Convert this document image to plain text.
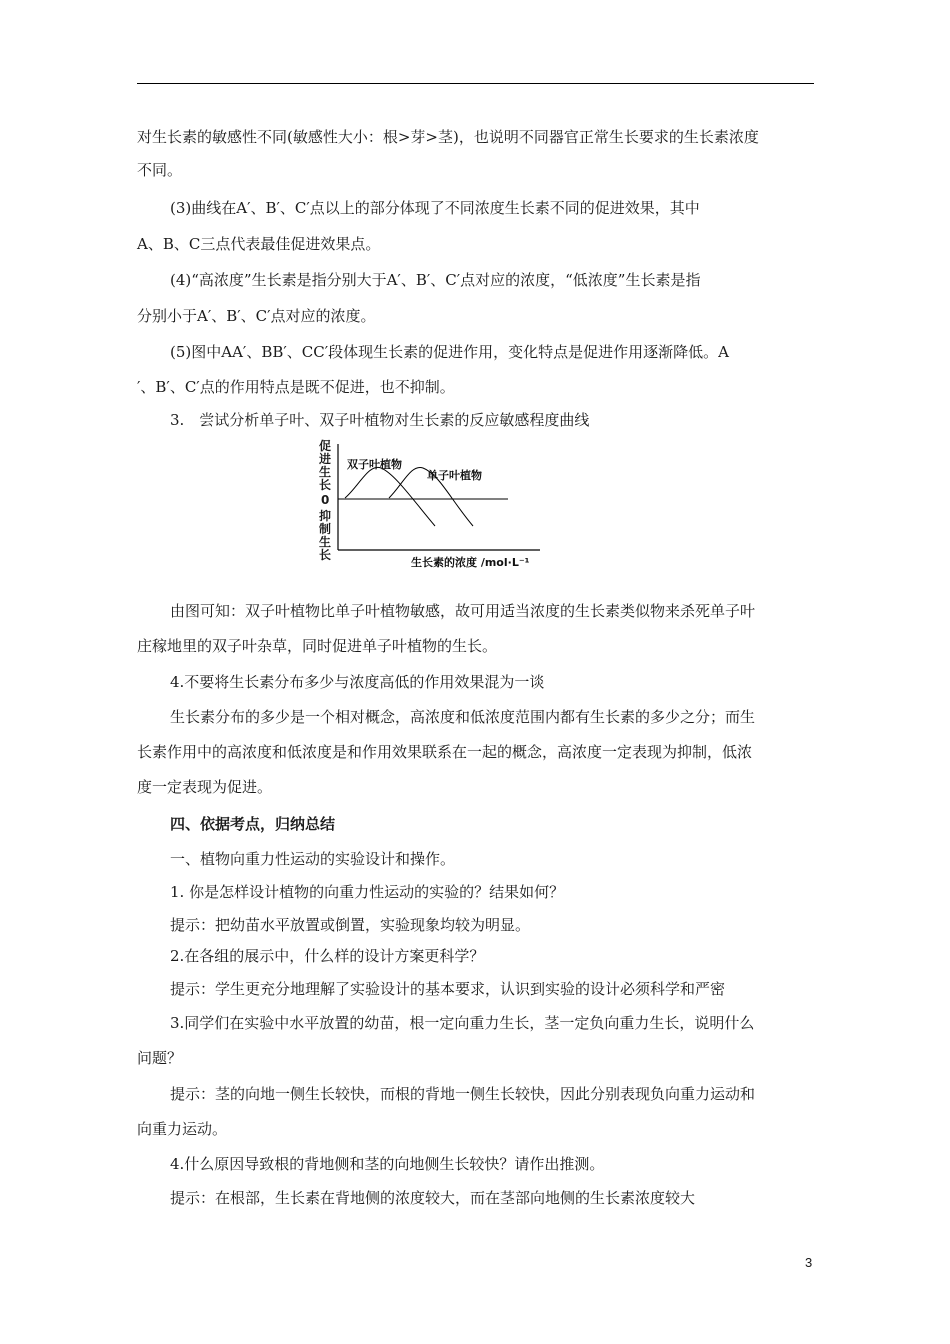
对生长素的敏感性不同(敏感性大小：根>芽>茎)，也说明不同器官正常生长要求的生长素浓度
不同。
(3)曲线在A′、B′、C′点以上的部分体现了不同浓度生长素不同的促进效果，其中
A、B、C三点代表最佳促进效果点。
(4)“高浓度”生长素是指分别大于A′、B′、C′点对应的浓度，“低浓度”生长素是指
分别小于A′、B′、C′点对应的浓度。
(5)图中AA′、BB′、CC′段体现生长素的促进作用，变化特点是促进作用逐渐降低。A
′、B′、C′点的作用特点是既不促进，也不抑制。
3.　尝试分析单子叶、双子叶植物对生长素的反应敏感程度曲线
促进生长
0
抑制生长
双子叶植物
单子叶植物
生长素的浓度 /mol·L⁻¹
由图可知：双子叶植物比单子叶植物敏感，故可用适当浓度的生长素类似物来杀死单子叶
庄稼地里的双子叶杂草，同时促进单子叶植物的生长。
4.不要将生长素分布多少与浓度高低的作用效果混为一谈
生长素分布的多少是一个相对概念，高浓度和低浓度范围内都有生长素的多少之分；而生
长素作用中的高浓度和低浓度是和作用效果联系在一起的概念，高浓度一定表现为抑制，低浓
度一定表现为促进。
四、依据考点，归纳总结
一、植物向重力性运动的实验设计和操作。
1. 你是怎样设计植物的向重力性运动的实验的？结果如何？
提示：把幼苗水平放置或倒置，实验现象均较为明显。
2.在各组的展示中，什么样的设计方案更科学？
提示：学生更充分地理解了实验设计的基本要求，认识到实验的设计必须科学和严密
3.同学们在实验中水平放置的幼苗，根一定向重力生长，茎一定负向重力生长，说明什么
问题？
提示：茎的向地一侧生长较快，而根的背地一侧生长较快，因此分别表现负向重力运动和
向重力运动。
4.什么原因导致根的背地侧和茎的向地侧生长较快？请作出推测。
提示：在根部，生长素在背地侧的浓度较大，而在茎部向地侧的生长素浓度较大
3
